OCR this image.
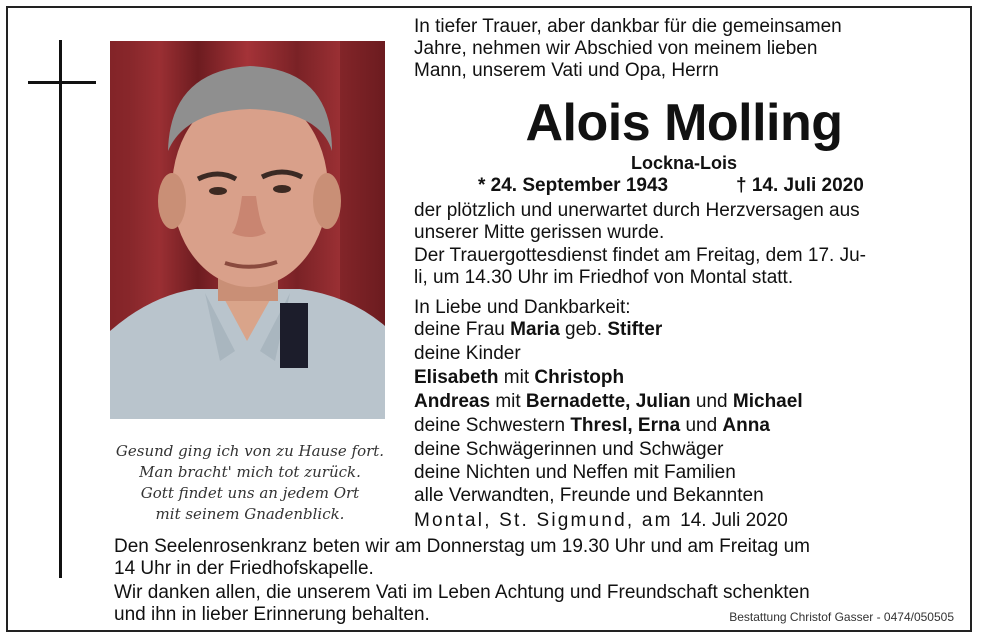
Gesund ging ich von zu Hause fort.
Man bracht' mich tot zurück.
Gott findet uns an jedem Ort
mit seinem Gnadenblick.
In tiefer Trauer, aber dankbar für die gemeinsamen
Jahre, nehmen wir Abschied von meinem lieben
Mann, unserem Vati und Opa, Herrn
Alois Molling
Lockna-Lois
* 24. September 1943	† 14. Juli 2020
der plötzlich und unerwartet durch Herzversagen aus
unserer Mitte gerissen wurde.
Der Trauergottesdienst findet am Freitag, dem 17. Ju-
li, um 14.30 Uhr im Friedhof von Montal statt.
In Liebe und Dankbarkeit:
deine Frau Maria geb. Stifter
deine Kinder
Elisabeth mit Christoph
Andreas mit Bernadette, Julian und Michael
deine Schwestern Thresl, Erna und Anna
deine Schwägerinnen und Schwäger
deine Nichten und Neffen mit Familien
alle Verwandten, Freunde und Bekannten
Montal, St. Sigmund, am 14. Juli 2020
Den Seelenrosenkranz beten wir am Donnerstag um 19.30 Uhr und am Freitag um
14 Uhr in der Friedhofskapelle.
Wir danken allen, die unserem Vati im Leben Achtung und Freundschaft schenkten
und ihn in lieber Erinnerung behalten.	Bestattung Christof Gasser - 0474/050505
